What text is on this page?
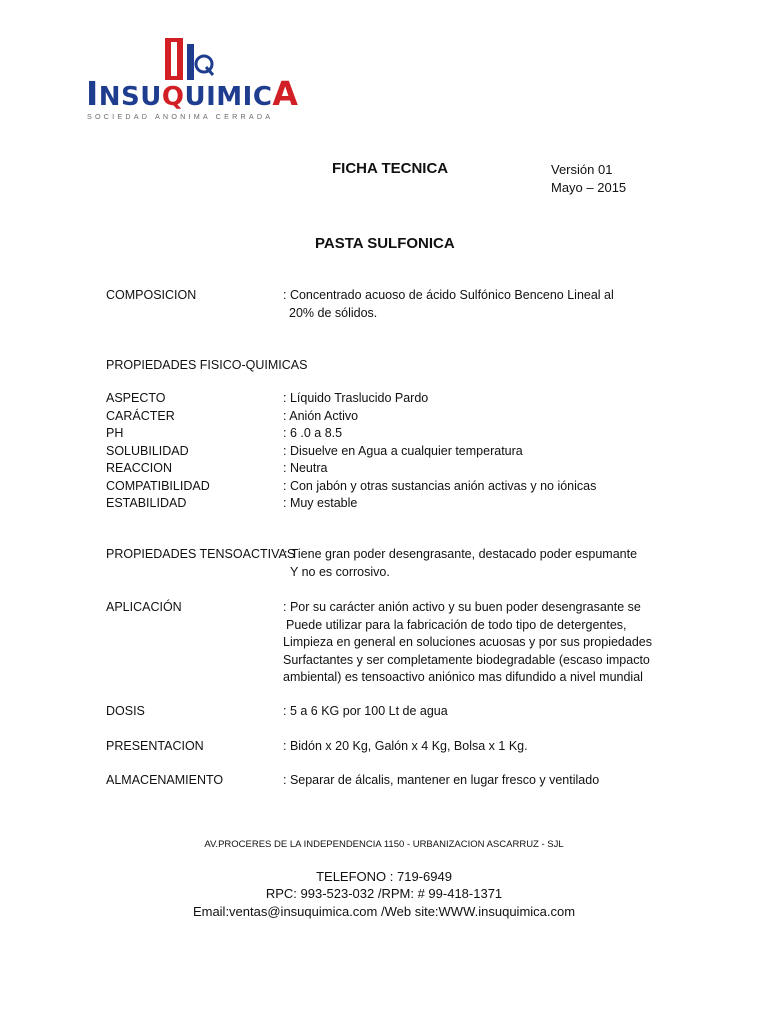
INSUQUIMICA
SOCIEDAD ANONIMA CERRADA
FICHA TECNICA	Versión 01
Mayo – 2015
PASTA SULFONICA
COMPOSICION	: Concentrado acuoso de ácido Sulfónico Benceno Lineal al
20% de sólidos.
PROPIEDADES FISICO-QUIMICAS
ASPECTO	: Líquido Traslucido Pardo
CARÁCTER	: Anión Activo
PH	: 6 .0 a 8.5
SOLUBILIDAD	: Disuelve en Agua a cualquier temperatura
REACCION	: Neutra
COMPATIBILIDAD	: Con jabón y otras sustancias anión activas y no iónicas
ESTABILIDAD	: Muy estable
PROPIEDADES TENSOACTIVAS
: Tiene gran poder desengrasante, destacado poder espumante
Y no es corrosivo.
APLICACIÓN	: Por su carácter anión activo y su buen poder desengrasante se
Puede utilizar para la fabricación de todo tipo de detergentes,
Limpieza en general en soluciones acuosas y por sus propiedades
Surfactantes y ser completamente biodegradable (escaso impacto
ambiental) es tensoactivo aniónico mas difundido a nivel mundial
DOSIS	: 5 a 6 KG por 100 Lt de agua
PRESENTACION	: Bidón x 20 Kg, Galón x 4 Kg, Bolsa x 1 Kg.
ALMACENAMIENTO	: Separar de álcalis, mantener en lugar fresco y ventilado
AV.PROCERES DE LA INDEPENDENCIA 1150 - URBANIZACION ASCARRUZ - SJL
TELEFONO : 719-6949
RPC: 993-523-032 /RPM: # 99-418-1371
Email:ventas@insuquimica.com /Web site:WWW.insuquimica.com
